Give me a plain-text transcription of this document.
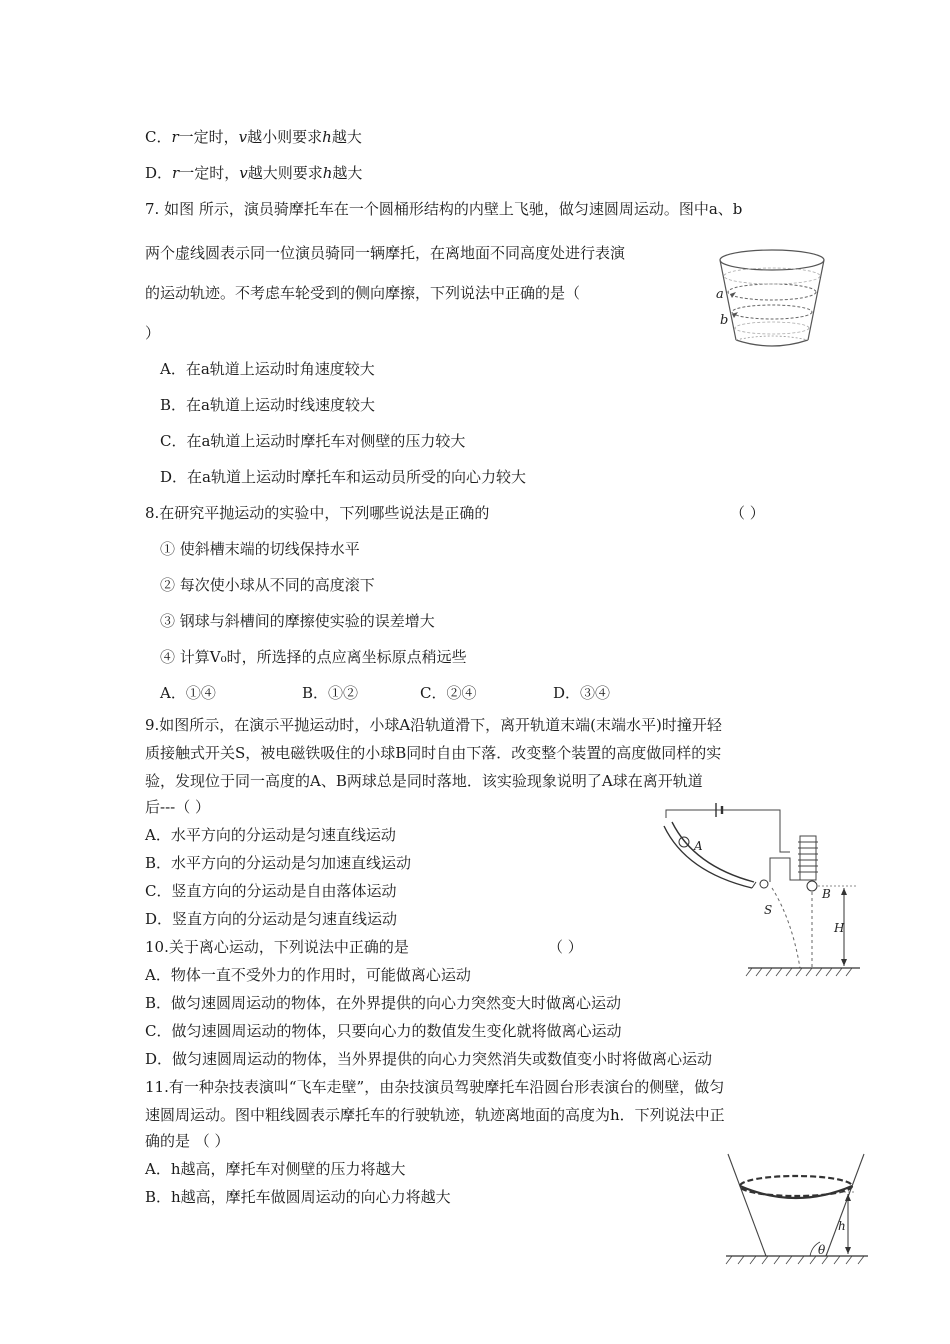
C．r一定时，v越小则要求h越大
D．r一定时，v越大则要求h越大
7. 如图 所示，演员骑摩托车在一个圆桶形结构的内壁上飞驰，做匀速圆周运动。图中a、b
两个虚线圆表示同一位演员骑同一辆摩托，在离地面不同高度处进行表演
的运动轨迹。不考虑车轮受到的侧向摩擦，下列说法中正确的是（
）
A．在a轨道上运动时角速度较大
B．在a轨道上运动时线速度较大
C．在a轨道上运动时摩托车对侧壁的压力较大
D．在a轨道上运动时摩托车和运动员所受的向心力较大
a
b
8.在研究平抛运动的实验中，下列哪些说法是正确的	（ ）
① 使斜槽末端的切线保持水平
② 每次使小球从不同的高度滚下
③ 钢球与斜槽间的摩擦使实验的误差增大
④ 计算V₀时，所选择的点应离坐标原点稍远些
A．①④	B．①②	C．②④	D．③④
9.如图所示，在演示平抛运动时，小球A沿轨道滑下，离开轨道末端(末端水平)时撞开轻
质接触式开关S，被电磁铁吸住的小球B同时自由下落．改变整个装置的高度做同样的实
验，发现位于同一高度的A、B两球总是同时落地．该实验现象说明了A球在离开轨道
后---（ ）
A．水平方向的分运动是匀速直线运动
B．水平方向的分运动是匀加速直线运动
C．竖直方向的分运动是自由落体运动
D．竖直方向的分运动是匀速直线运动
A
S
B
H
10.关于离心运动，下列说法中正确的是	（ ）
A．物体一直不受外力的作用时，可能做离心运动
B．做匀速圆周运动的物体，在外界提供的向心力突然变大时做离心运动
C．做匀速圆周运动的物体，只要向心力的数值发生变化就将做离心运动
D．做匀速圆周运动的物体，当外界提供的向心力突然消失或数值变小时将做离心运动
11.有一种杂技表演叫“飞车走壁”，由杂技演员驾驶摩托车沿圆台形表演台的侧壁，做匀
速圆周运动。图中粗线圆表示摩托车的行驶轨迹，轨迹离地面的高度为h．下列说法中正
确的是 （ ）
A．h越高，摩托车对侧壁的压力将越大
B．h越高，摩托车做圆周运动的向心力将越大
h
θ
